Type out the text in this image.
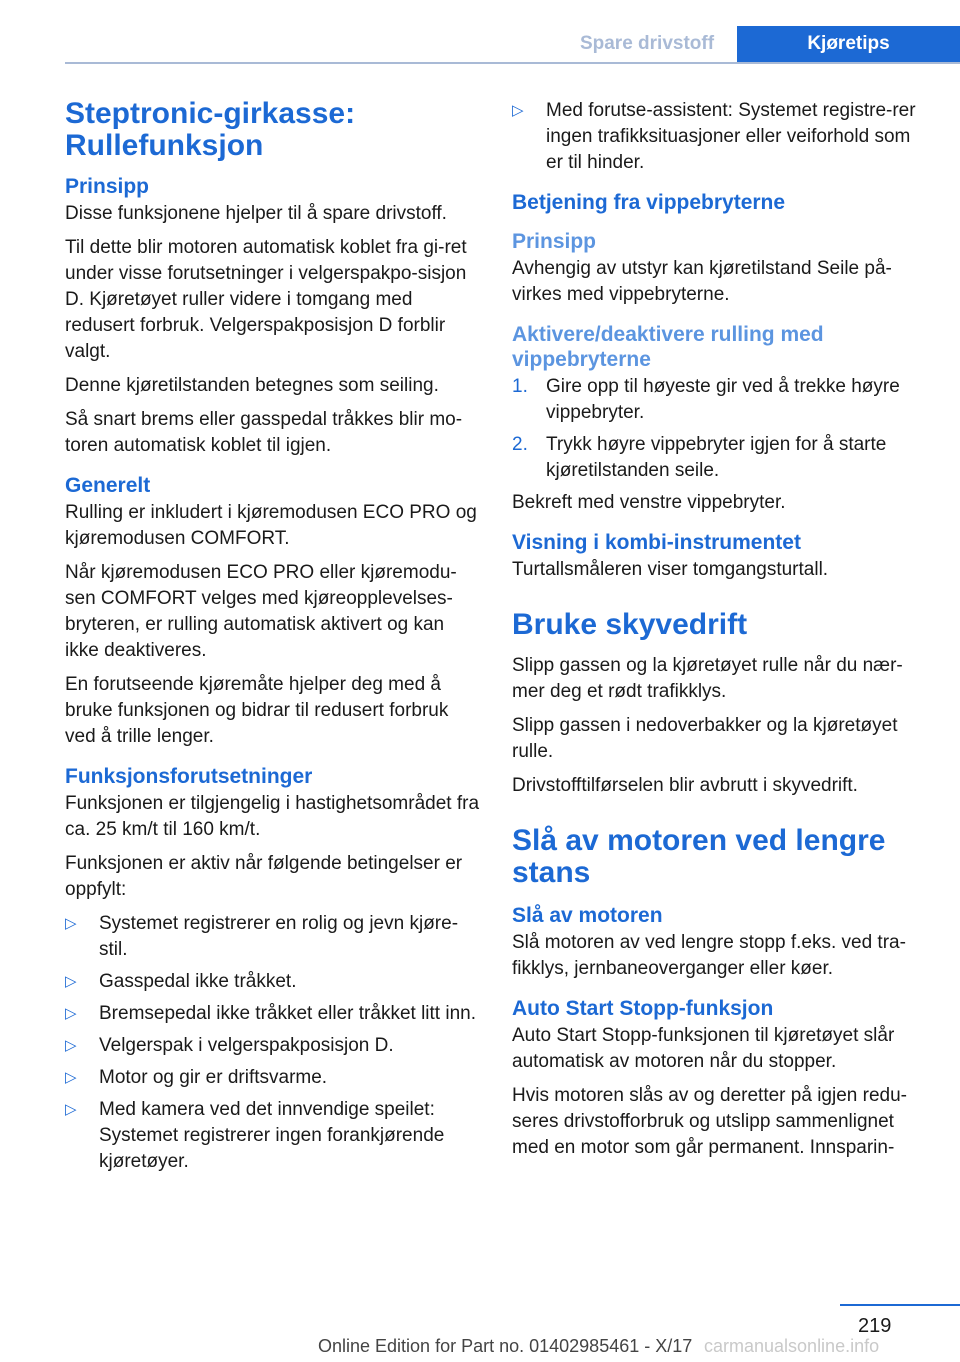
Spare drivstoff	Kjøretips
Steptronic-girkasse:
Rullefunksjon
Prinsipp

Disse funksjonene hjelper til å spare drivstoff.

Til dette blir motoren automatisk koblet fra gi-ret under visse forutsetninger i velgerspakpo-sisjon D. Kjøretøyet ruller videre i tomgang med redusert forbruk. Velgerspakposisjon D forblir valgt.

Denne kjøretilstanden betegnes som seiling.

Så snart brems eller gasspedal tråkkes blir mo-toren automatisk koblet til igjen.

Generelt

Rulling er inkludert i kjøremodusen ECO PRO og kjøremodusen COMFORT.

Når kjøremodusen ECO PRO eller kjøremodu-sen COMFORT velges med kjøreopplevelses-bryteren, er rulling automatisk aktivert og kan ikke deaktiveres.

En forutseende kjøremåte hjelper deg med å bruke funksjonen og bidrar til redusert forbruk ved å trille lenger.

Funksjonsforutsetninger

Funksjonen er tilgjengelig i hastighetsområdet fra ca. 25 km/t til 160 km/t.

Funksjonen er aktiv når følgende betingelser er oppfylt:

▷ Systemet registrerer en rolig og jevn kjøre-stil.
▷ Gasspedal ikke tråkket.
▷ Bremsepedal ikke tråkket eller tråkket litt inn.
▷ Velgerspak i velgerspakposisjon D.
▷ Motor og gir er driftsvarme.
▷ Med kamera ved det innvendige speilet: Systemet registrerer ingen forankjørende kjøretøyer.
▷ Med forutse-assistent: Systemet registre-rer ingen trafikksituasjoner eller veiforhold som er til hinder.
Betjening fra vippebryterne
Prinsipp

Avhengig av utstyr kan kjøretilstand Seile på-virkes med vippebryterne.

Aktivere/deaktivere rulling med vippebryterne
1. Gire opp til høyeste gir ved å trekke høyre vippebryter.
2. Trykk høyre vippebryter igjen for å starte kjøretilstanden seile.

Bekreft med venstre vippebryter.

Visning i kombi-instrumentet

Turtallsmåleren viser tomgangsturtall.

Bruke skyvedrift

Slipp gassen og la kjøretøyet rulle når du nær-mer deg et rødt trafikklys.

Slipp gassen i nedoverbakker og la kjøretøyet rulle.

Drivstofftilførselen blir avbrutt i skyvedrift.

Slå av motoren ved lengre
stans
Slå av motoren

Slå motoren av ved lengre stopp f.eks. ved tra-fikklys, jernbaneoverganger eller køer.

Auto Start Stopp-funksjon

Auto Start Stopp-funksjonen til kjøretøyet slår automatisk av motoren når du stopper.

Hvis motoren slås av og deretter på igjen redu-seres drivstofforbruk og utslipp sammenlignet med en motor som går permanent. Innsparin-

219
Online Edition for Part no. 01402985461 - X/17 carmanualsonline.info
